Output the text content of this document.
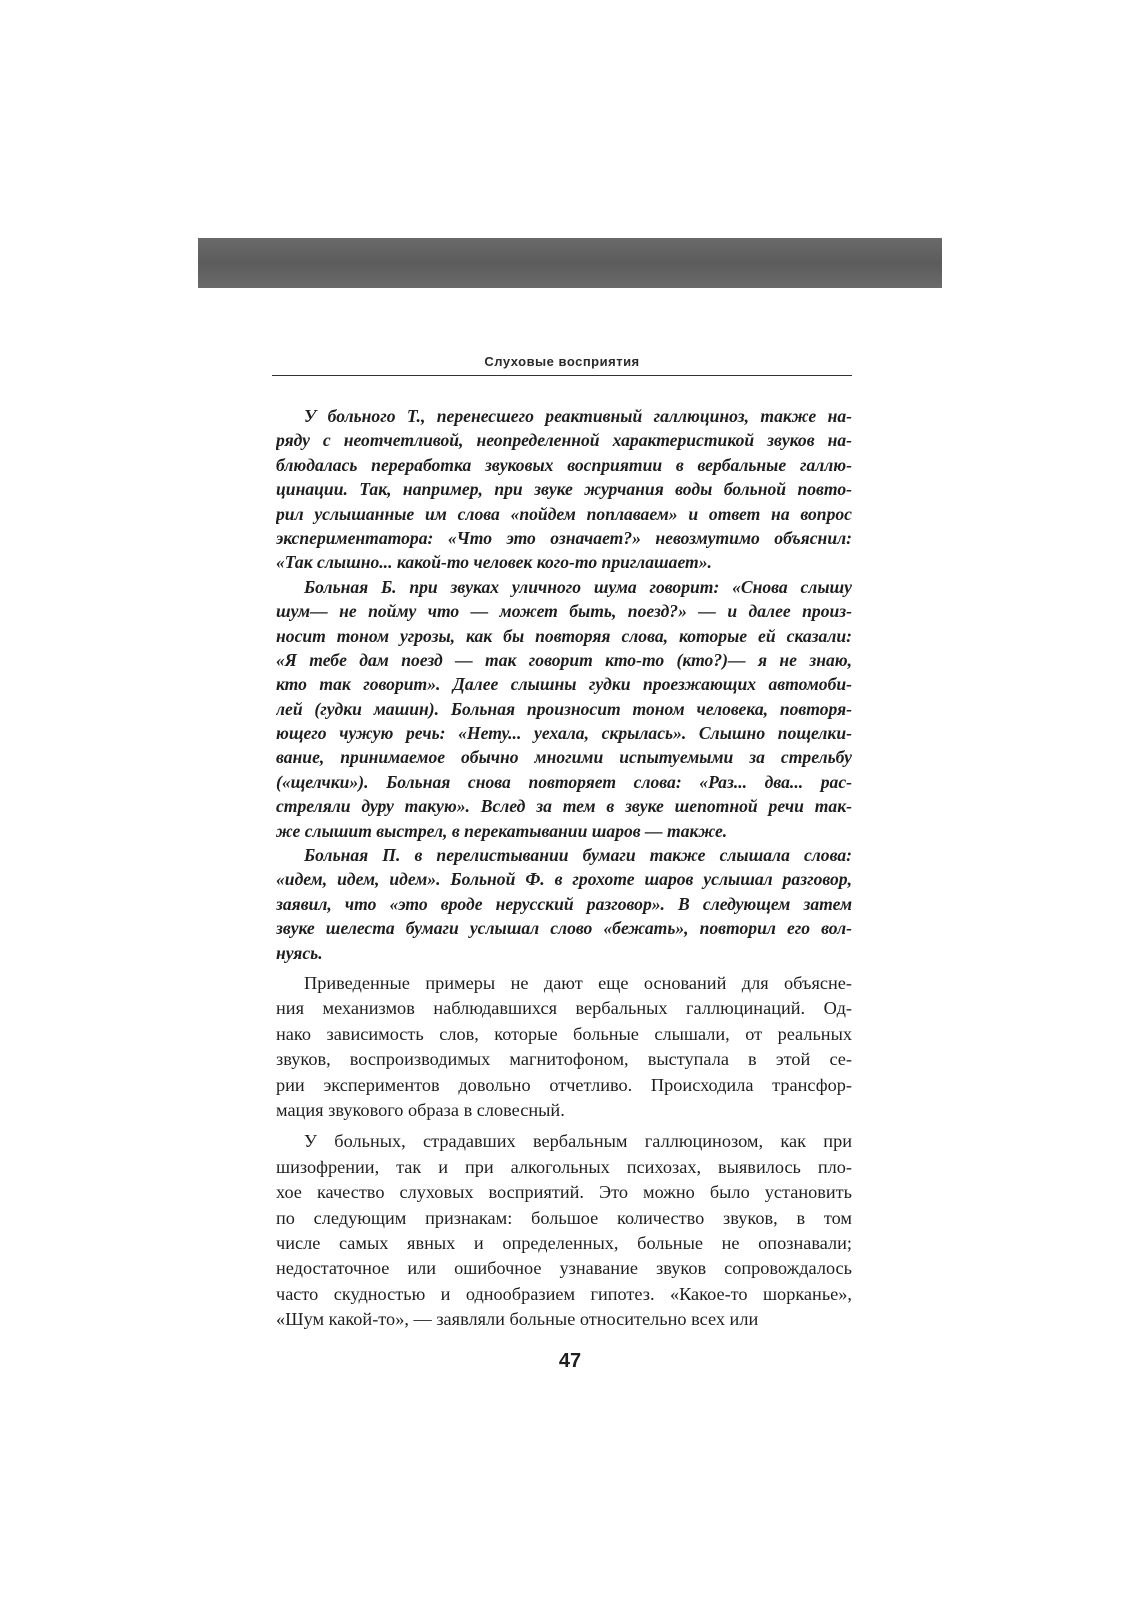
Слуховые восприятия
У больного Т., перенесшего реактивный галлюциноз, также на-
ряду с неотчетливой, неопределенной характеристикой звуков на-
блюдалась переработка звуковых восприятии в вербальные галлю-
цинации. Так, например, при звуке журчания воды больной повто-
рил услышанные им слова «пойдем поплаваем» и ответ на вопрос
экспериментатора: «Что это означает?» невозмутимо объяснил:
«Так слышно... какой-то человек кого-то приглашает».
Больная Б. при звуках уличного шума говорит: «Снова слышу
шум— не пойму что — может быть, поезд?» — и далее произ-
носит тоном угрозы, как бы повторяя слова, которые ей сказали:
«Я тебе дам поезд — так говорит кто-то (кто?)— я не знаю,
кто так говорит». Далее слышны гудки проезжающих автомоби-
лей (гудки машин). Больная произносит тоном человека, повторя-
ющего чужую речь: «Нету... уехала, скрылась». Слышно пощелки-
вание, принимаемое обычно многими испытуемыми за стрельбу
(«щелчки»). Больная снова повторяет слова: «Раз... два... рас-
стреляли дуру такую». Вслед за тем в звуке шепотной речи так-
же слышит выстрел, в перекатывании шаров — также.
Больная П. в перелистывании бумаги также слышала слова:
«идем, идем, идем». Больной Ф. в грохоте шаров услышал разговор,
заявил, что «это вроде нерусский разговор». В следующем затем
звуке шелеста бумаги услышал слово «бежать», повторил его вол-
нуясь.
Приведенные примеры не дают еще оснований для объясне-
ния механизмов наблюдавшихся вербальных галлюцинаций. Од-
нако зависимость слов, которые больные слышали, от реальных
звуков, воспроизводимых магнитофоном, выступала в этой се-
рии экспериментов довольно отчетливо. Происходила трансфор-
мация звукового образа в словесный.
У больных, страдавших вербальным галлюцинозом, как при
шизофрении, так и при алкогольных психозах, выявилось пло-
хое качество слуховых восприятий. Это можно было установить
по следующим признакам: большое количество звуков, в том
числе самых явных и определенных, больные не опознавали;
недостаточное или ошибочное узнавание звуков сопровождалось
часто скудностью и однообразием гипотез. «Какое-то шорканье»,
«Шум какой-то», — заявляли больные относительно всех или
47
